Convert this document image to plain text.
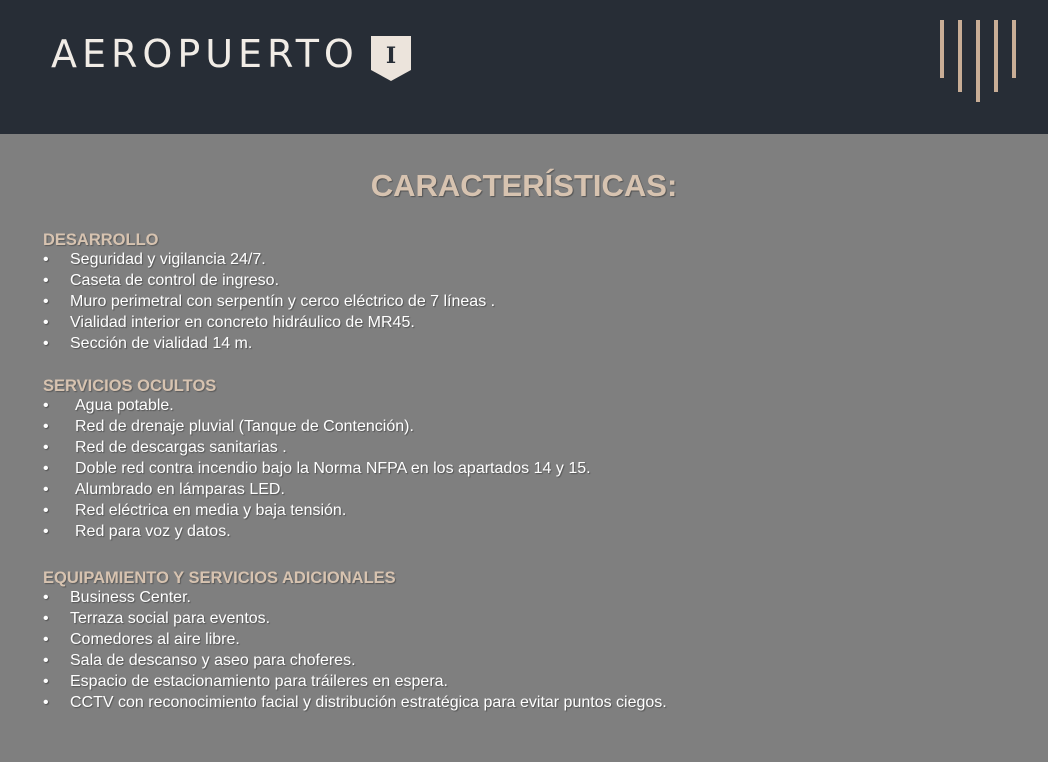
AEROPUERTO I
CARACTERÍSTICAS:
DESARROLLO
• Seguridad y vigilancia 24/7.
• Caseta de control de ingreso.
• Muro perimetral con serpentín y cerco eléctrico de 7 líneas .
• Vialidad interior en concreto hidráulico de MR45.
• Sección de vialidad 14 m.
SERVICIOS OCULTOS
• Agua potable.
• Red de drenaje pluvial (Tanque de Contención).
• Red de descargas sanitarias .
• Doble red contra incendio bajo la Norma NFPA en los apartados 14 y 15.
• Alumbrado en lámparas LED.
• Red eléctrica en media y baja tensión.
• Red para voz y datos.
EQUIPAMIENTO Y SERVICIOS ADICIONALES
• Business Center.
• Terraza social para eventos.
• Comedores al aire libre.
• Sala de descanso y aseo para choferes.
• Espacio de estacionamiento para tráileres en espera.
• CCTV con reconocimiento facial y distribución estratégica para evitar puntos ciegos.
